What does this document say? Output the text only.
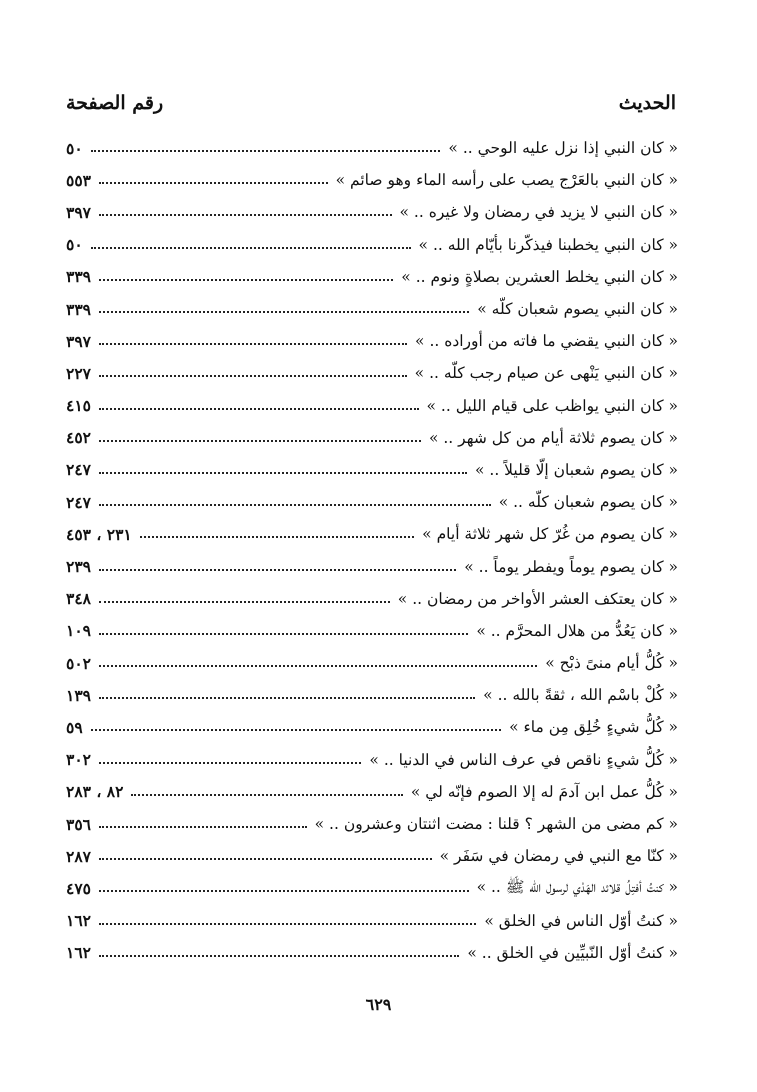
الحديث
رقم الصفحة
« كان النبي إذا نزل عليه الوحي .. »
٥٠
« كان النبي بالعَرْج يصب على رأسه الماء وهو صائم »
٥٥٣
« كان النبي لا يزيد في رمضان ولا غيره .. »
٣٩٧
« كان النبي يخطبنا فيذكّرنا بأيّام الله .. »
٥٠
« كان النبي يخلط العشرين بصلاةٍ ونوم .. »
٣٣٩
« كان النبي يصوم شعبان كلّه »
٣٣٩
« كان النبي يقضي ما فاته من أوراده .. »
٣٩٧
« كان النبي يَنْهى عن صيام رجب كلّه .. »
٢٢٧
« كان النبي يواظب على قيام الليل .. »
٤١٥
« كان يصوم ثلاثة أيام من كل شهر .. »
٤٥٢
« كان يصوم شعبان إلّا قليلاً .. »
٢٤٧
« كان يصوم شعبان كلّه .. »
٢٤٧
« كان يصوم من غُرّ كل شهر ثلاثة أيام »
٢٣١ ، ٤٥٣
« كان يصوم يوماً ويفطر يوماً .. »
٢٣٩
« كان يعتكف العشر الأواخر من رمضان .. »
٣٤٨
« كان يَعُدُّ من هلال المحرَّم .. »
١٠٩
« كُلُّ أيام منىً ذبْح »
٥٠٢
« كُلْ باسْم الله ، ثقةً بالله .. »
١٣٩
« كُلُّ شيءٍ خُلِق مِن ماء »
٥٩
« كُلُّ شيءٍ ناقص في عرف الناس في الدنيا .. »
٣٠٢
« كُلُّ عمل ابن آدمَ له إلا الصوم فإنّه لي »
٨٢ ، ٢٨٣
« كم مضى من الشهر ؟ قلنا : مضت اثنتان وعشرون .. »
٣٥٦
« كنّا مع النبي في رمضان في سَفَر »
٢٨٧
« كنتُ أفتِلُ قلائد الهَدْي لرسول الله ﷺ .. »
٤٧٥
« كنتُ أوّل الناس في الخلق »
١٦٢
« كنتُ أوّل النّبيِّين في الخلق .. »
١٦٢
٦٢٩
